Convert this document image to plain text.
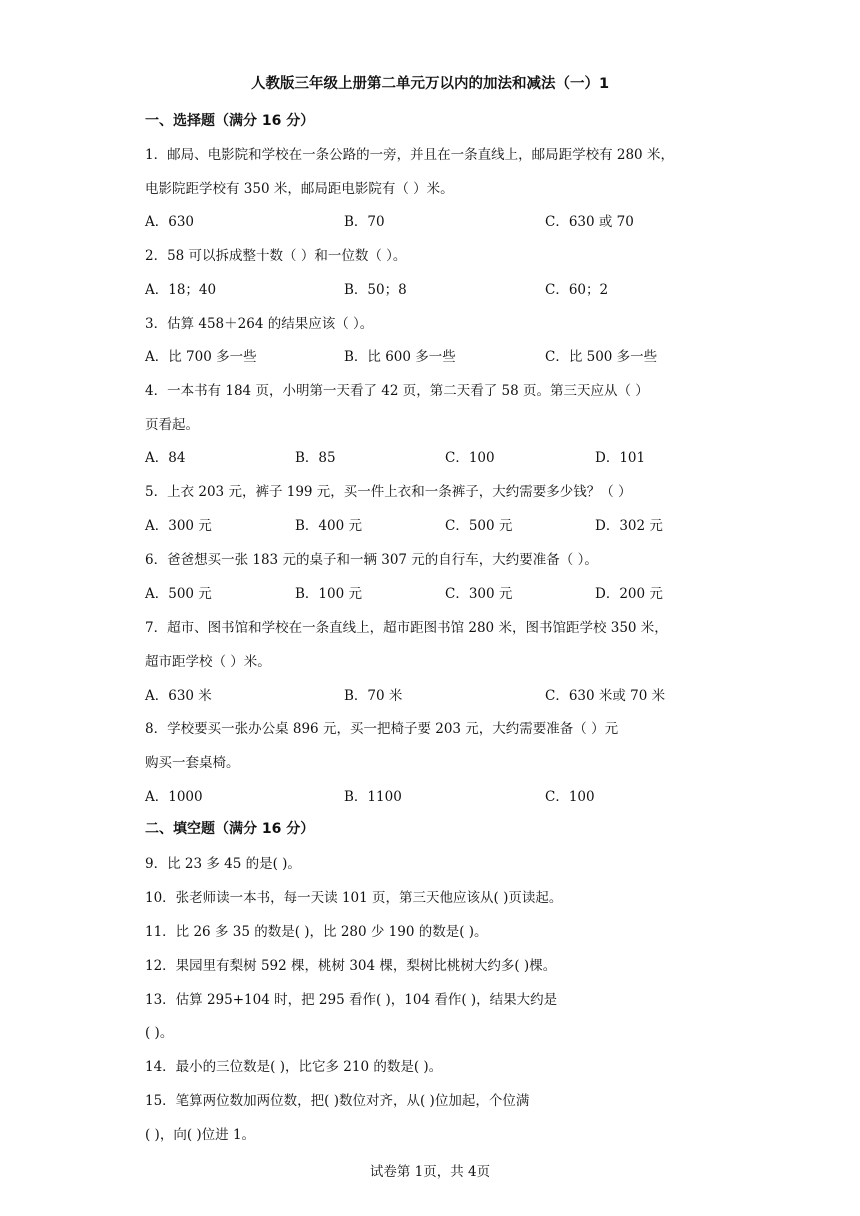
人教版三年级上册第二单元万以内的加法和减法（一）1
一、选择题（满分 16 分）
1．邮局、电影院和学校在一条公路的一旁，并且在一条直线上，邮局距学校有 280 米，
电影院距学校有 350 米，邮局距电影院有（ ）米。
A．630	B．70	C．630 或 70
2．58 可以拆成整十数（ ）和一位数（ ）。
A．18；40	B．50；8	C．60；2
3．估算 458＋264 的结果应该（ ）。
A．比 700 多一些	B．比 600 多一些	C．比 500 多一些
4．一本书有 184 页，小明第一天看了 42 页，第二天看了 58 页。第三天应从（ ）
页看起。
A．84	B．85	C．100	D．101
5．上衣 203 元，裤子 199 元，买一件上衣和一条裤子，大约需要多少钱？（ ）
A．300 元	B．400 元	C．500 元	D．302 元
6．爸爸想买一张 183 元的桌子和一辆 307 元的自行车，大约要准备（ ）。
A．500 元	B．100 元	C．300 元	D．200 元
7．超市、图书馆和学校在一条直线上，超市距图书馆 280 米，图书馆距学校 350 米，
超市距学校（ ）米。
A．630 米	B．70 米	C．630 米或 70 米
8．学校要买一张办公桌 896 元，买一把椅子要 203 元，大约需要准备（ ）元
购买一套桌椅。
A．1000	B．1100	C．100
二、填空题（满分 16 分）
9．比 23 多 45 的是( )。
10．张老师读一本书，每一天读 101 页，第三天他应该从( )页读起。
11．比 26 多 35 的数是( )，比 280 少 190 的数是( )。
12．果园里有梨树 592 棵，桃树 304 棵，梨树比桃树大约多( )棵。
13．估算 295+104 时，把 295 看作( )，104 看作( )，结果大约是
( )。
14．最小的三位数是( )，比它多 210 的数是( )。
15．笔算两位数加两位数，把( )数位对齐，从( )位加起，个位满
( )，向( )位进 1。
试卷第 1页，共 4页
